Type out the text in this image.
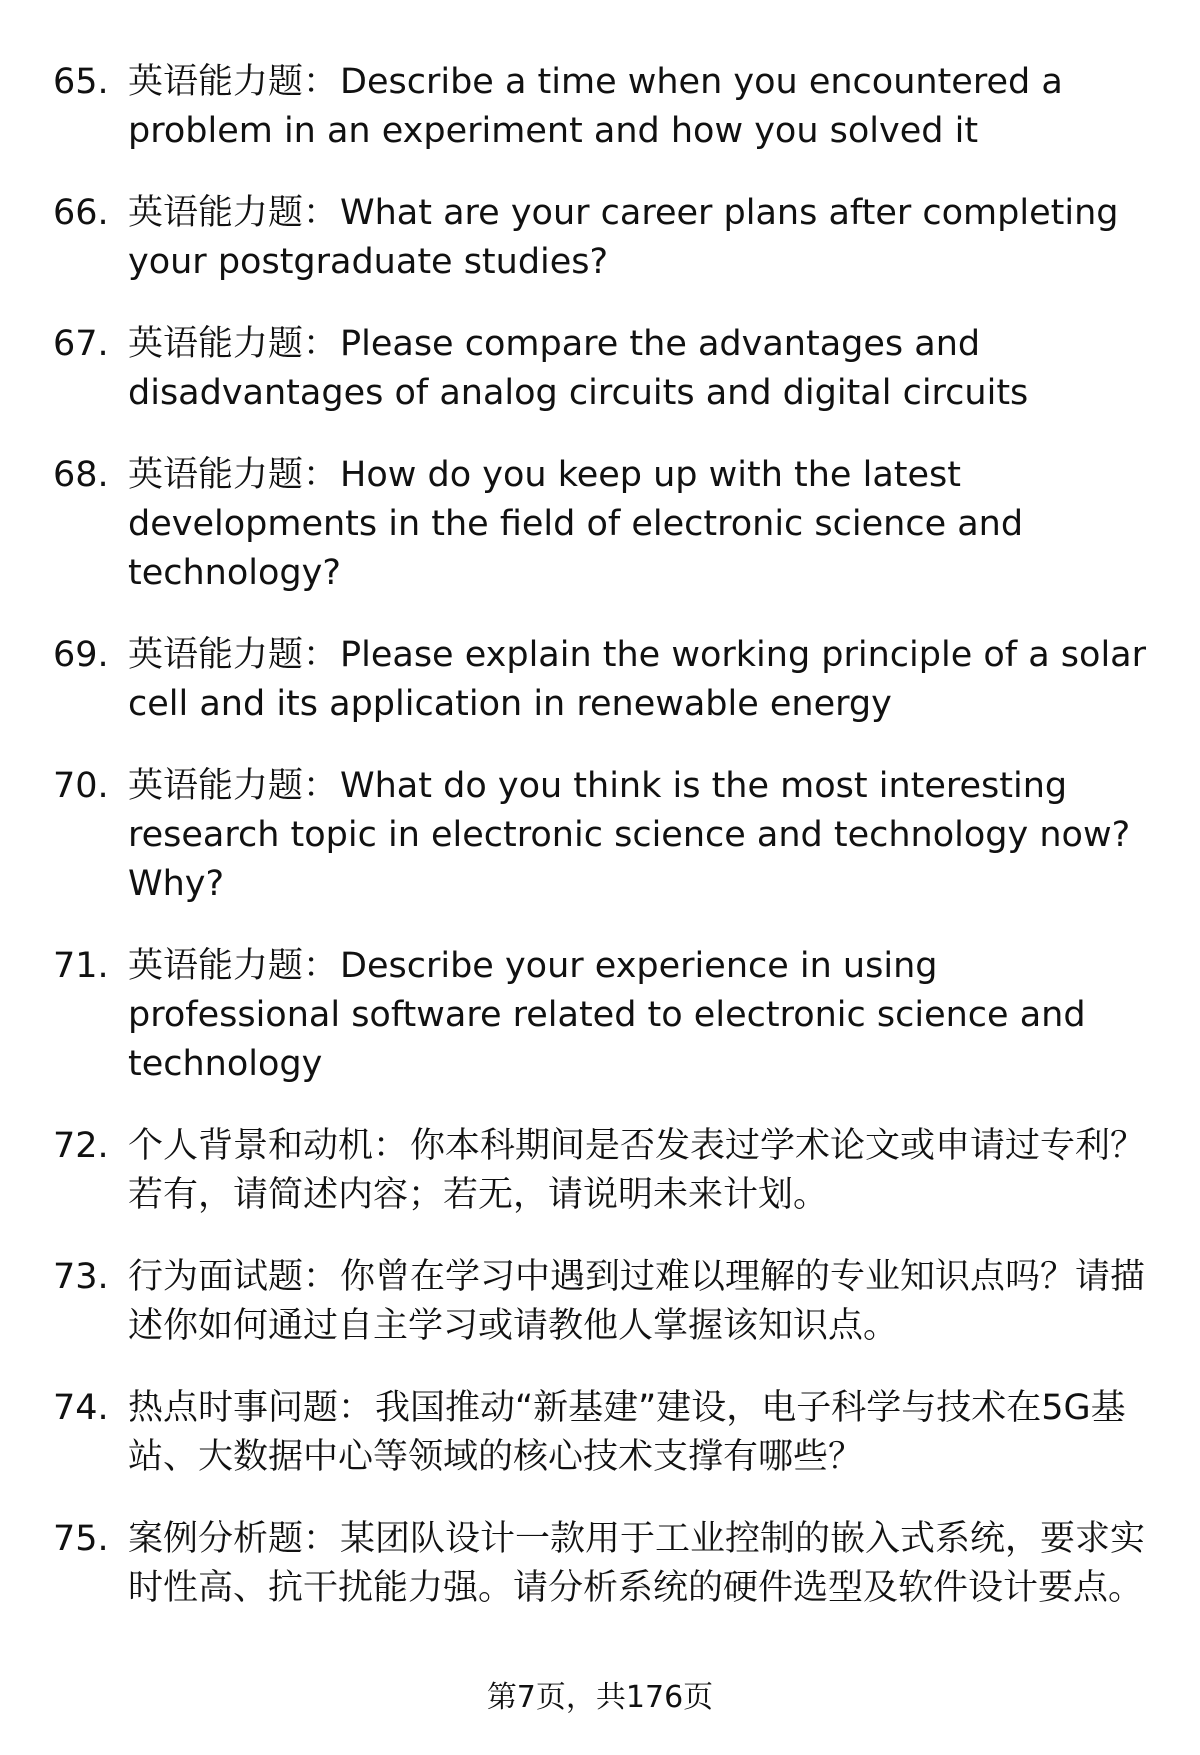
65. 英语能力题：Describe a time when you encountered a problem in an experiment and how you solved it
66. 英语能力题：What are your career plans after completing your postgraduate studies?
67. 英语能力题：Please compare the advantages and disadvantages of analog circuits and digital circuits
68. 英语能力题：How do you keep up with the latest developments in the field of electronic science and technology?
69. 英语能力题：Please explain the working principle of a solar cell and its application in renewable energy
70. 英语能力题：What do you think is the most interesting research topic in electronic science and technology now? Why?
71. 英语能力题：Describe your experience in using professional software related to electronic science and technology
72. 个人背景和动机：你本科期间是否发表过学术论文或申请过专利？若有，请简述内容；若无，请说明未来计划。
73. 行为面试题：你曾在学习中遇到过难以理解的专业知识点吗？请描述你如何通过自主学习或请教他人掌握该知识点。
74. 热点时事问题：我国推动“新基建”建设，电子科学与技术在5G基站、大数据中心等领域的核心技术支撑有哪些？
75. 案例分析题：某团队设计一款用于工业控制的嵌入式系统，要求实时性高、抗干扰能力强。请分析系统的硬件选型及软件设计要点。
第7页，共176页
